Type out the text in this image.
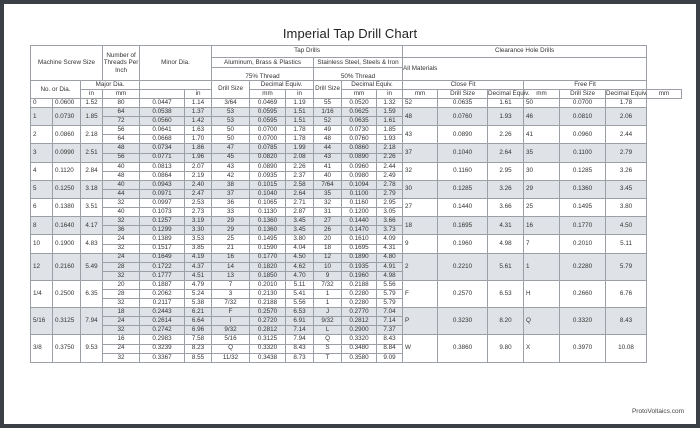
Imperial Tap Drill Chart
Machine Screw Size			Number of Threads Per Inch	Minor Dia.		Tap Drills						Clearance Hole Drills						
						Aluminum, Brass & Plastics			Stainless Steel, Steels & Iron			All Materials						

						75% Thread			50% Thread									
No. or Dia.		Major Dia.				Drill Size	Decimal Equiv.		Drill Size	Decimal Equiv.		Close Fit			Free Fit			
		in	mm		in		mm	in		mm	in	mm	Drill Size	Decimal Equiv.	mm	Drill Size	Decimal Equiv.	mm
0	0.0600	1.52	80	0.0447	1.14	3/64	0.0469	1.19	55	0.0520	1.32	52	0.0635	1.61	50	0.0700	1.78	
1	0.0730	1.85	64	0.0538	1.37	53	0.0595	1.51	1/16	0.0625	1.59	48	0.0760	1.93	46	0.0810	2.06	
			72	0.0560	1.42	53	0.0595	1.51	52	0.0635	1.61							
2	0.0860	2.18	56	0.0641	1.63	50	0.0700	1.78	49	0.0730	1.85	43	0.0890	2.26	41	0.0960	2.44	
			64	0.0668	1.70	50	0.0700	1.78	48	0.0760	1.93							
3	0.0990	2.51	48	0.0734	1.86	47	0.0785	1.99	44	0.0860	2.18	37	0.1040	2.64	35	0.1100	2.79	
			56	0.0771	1.96	45	0.0820	2.08	43	0.0890	2.26							
4	0.1120	2.84	40	0.0813	2.07	43	0.0890	2.26	41	0.0960	2.44	32	0.1160	2.95	30	0.1285	3.26	
			48	0.0864	2.19	42	0.0935	2.37	40	0.0980	2.49							
5	0.1250	3.18	40	0.0943	2.40	38	0.1015	2.58	7/64	0.1094	2.78	30	0.1285	3.26	29	0.1360	3.45	
			44	0.0971	2.47	37	0.1040	2.64	35	0.1100	2.79							
6	0.1380	3.51	32	0.0997	2.53	36	0.1065	2.71	32	0.1160	2.95	27	0.1440	3.66	25	0.1495	3.80	
			40	0.1073	2.73	33	0.1130	2.87	31	0.1200	3.05							
8	0.1640	4.17	32	0.1257	3.19	29	0.1360	3.45	27	0.1440	3.66	18	0.1695	4.31	16	0.1770	4.50	
			36	0.1299	3.30	29	0.1360	3.45	26	0.1470	3.73							
10	0.1900	4.83	24	0.1389	3.53	25	0.1495	3.80	20	0.1610	4.09	9	0.1960	4.98	7	0.2010	5.11	
			32	0.1517	3.85	21	0.1590	4.04	18	0.1695	4.31							
12	0.2160	5.49	24	0.1649	4.19	16	0.1770	4.50	12	0.1890	4.80	2	0.2210	5.61	1	0.2280	5.79	
			28	0.1722	4.37	14	0.1820	4.62	10	0.1935	4.91							
			32	0.1777	4.51	13	0.1850	4.70	9	0.1960	4.98							
1/4	0.2500	6.35	20	0.1887	4.79	7	0.2010	5.11	7/32	0.2188	5.56	F	0.2570	6.53	H	0.2660	6.76	
			28	0.2062	5.24	3	0.2130	5.41	1	0.2280	5.79							
			32	0.2117	5.38	7/32	0.2188	5.56	1	0.2280	5.79							
5/16	0.3125	7.94	18	0.2443	6.21	F	0.2570	6.53	J	0.2770	7.04	P	0.3230	8.20	Q	0.3320	8.43	
			24	0.2614	6.64	I	0.2720	6.91	9/32	0.2812	7.14							
			32	0.2742	6.96	9/32	0.2812	7.14	L	0.2900	7.37							
3/8	0.3750	9.53	16	0.2983	7.58	5/16	0.3125	7.94	Q	0.3320	8.43	W	0.3860	9.80	X	0.3970	10.08	
			24	0.3239	8.23	Q	0.3320	8.43	S	0.3480	8.84							
			32	0.3367	8.55	11/32	0.3438	8.73	T	0.3580	9.09							
ProtoVoltaics.com
